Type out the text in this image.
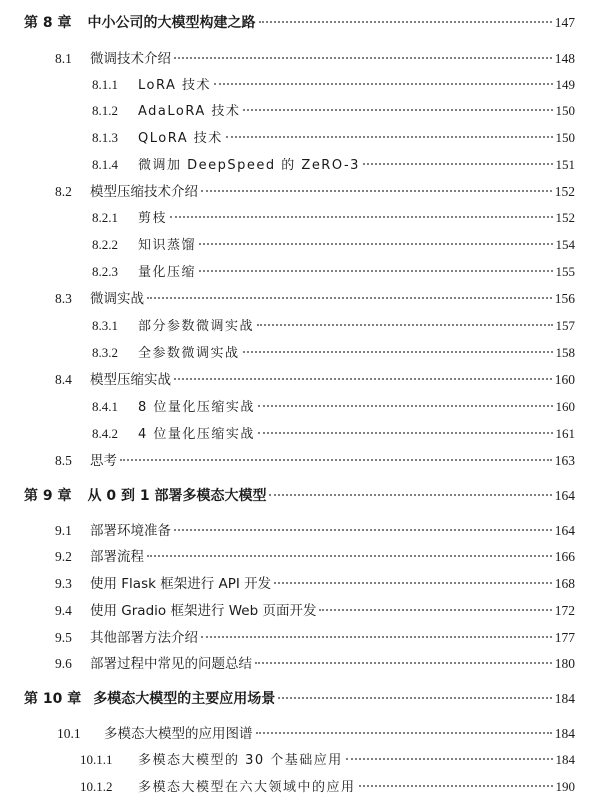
第 8 章 中小公司的大模型构建之路	147
8.1	微调技术介绍	148
8.1.1	LoRA 技术	149
8.1.2	AdaLoRA 技术	150
8.1.3	QLoRA 技术	150
8.1.4	微调加 DeepSpeed 的 ZeRO-3	151
8.2	模型压缩技术介绍	152
8.2.1	剪枝	152
8.2.2	知识蒸馏	154
8.2.3	量化压缩	155
8.3	微调实战	156
8.3.1	部分参数微调实战	157
8.3.2	全参数微调实战	158
8.4	模型压缩实战	160
8.4.1	8 位量化压缩实战	160
8.4.2	4 位量化压缩实战	161
8.5	思考	163
第 9 章 从 0 到 1 部署多模态大模型	164
9.1	部署环境准备	164
9.2	部署流程	166
9.3	使用 Flask 框架进行 API 开发	168
9.4	使用 Gradio 框架进行 Web 页面开发	172
9.5	其他部署方法介绍	177
9.6	部署过程中常见的问题总结	180
第 10 章 多模态大模型的主要应用场景	184
10.1	多模态大模型的应用图谱	184
10.1.1	多模态大模型的 30 个基础应用	184
10.1.2	多模态大模型在六大领域中的应用	190
